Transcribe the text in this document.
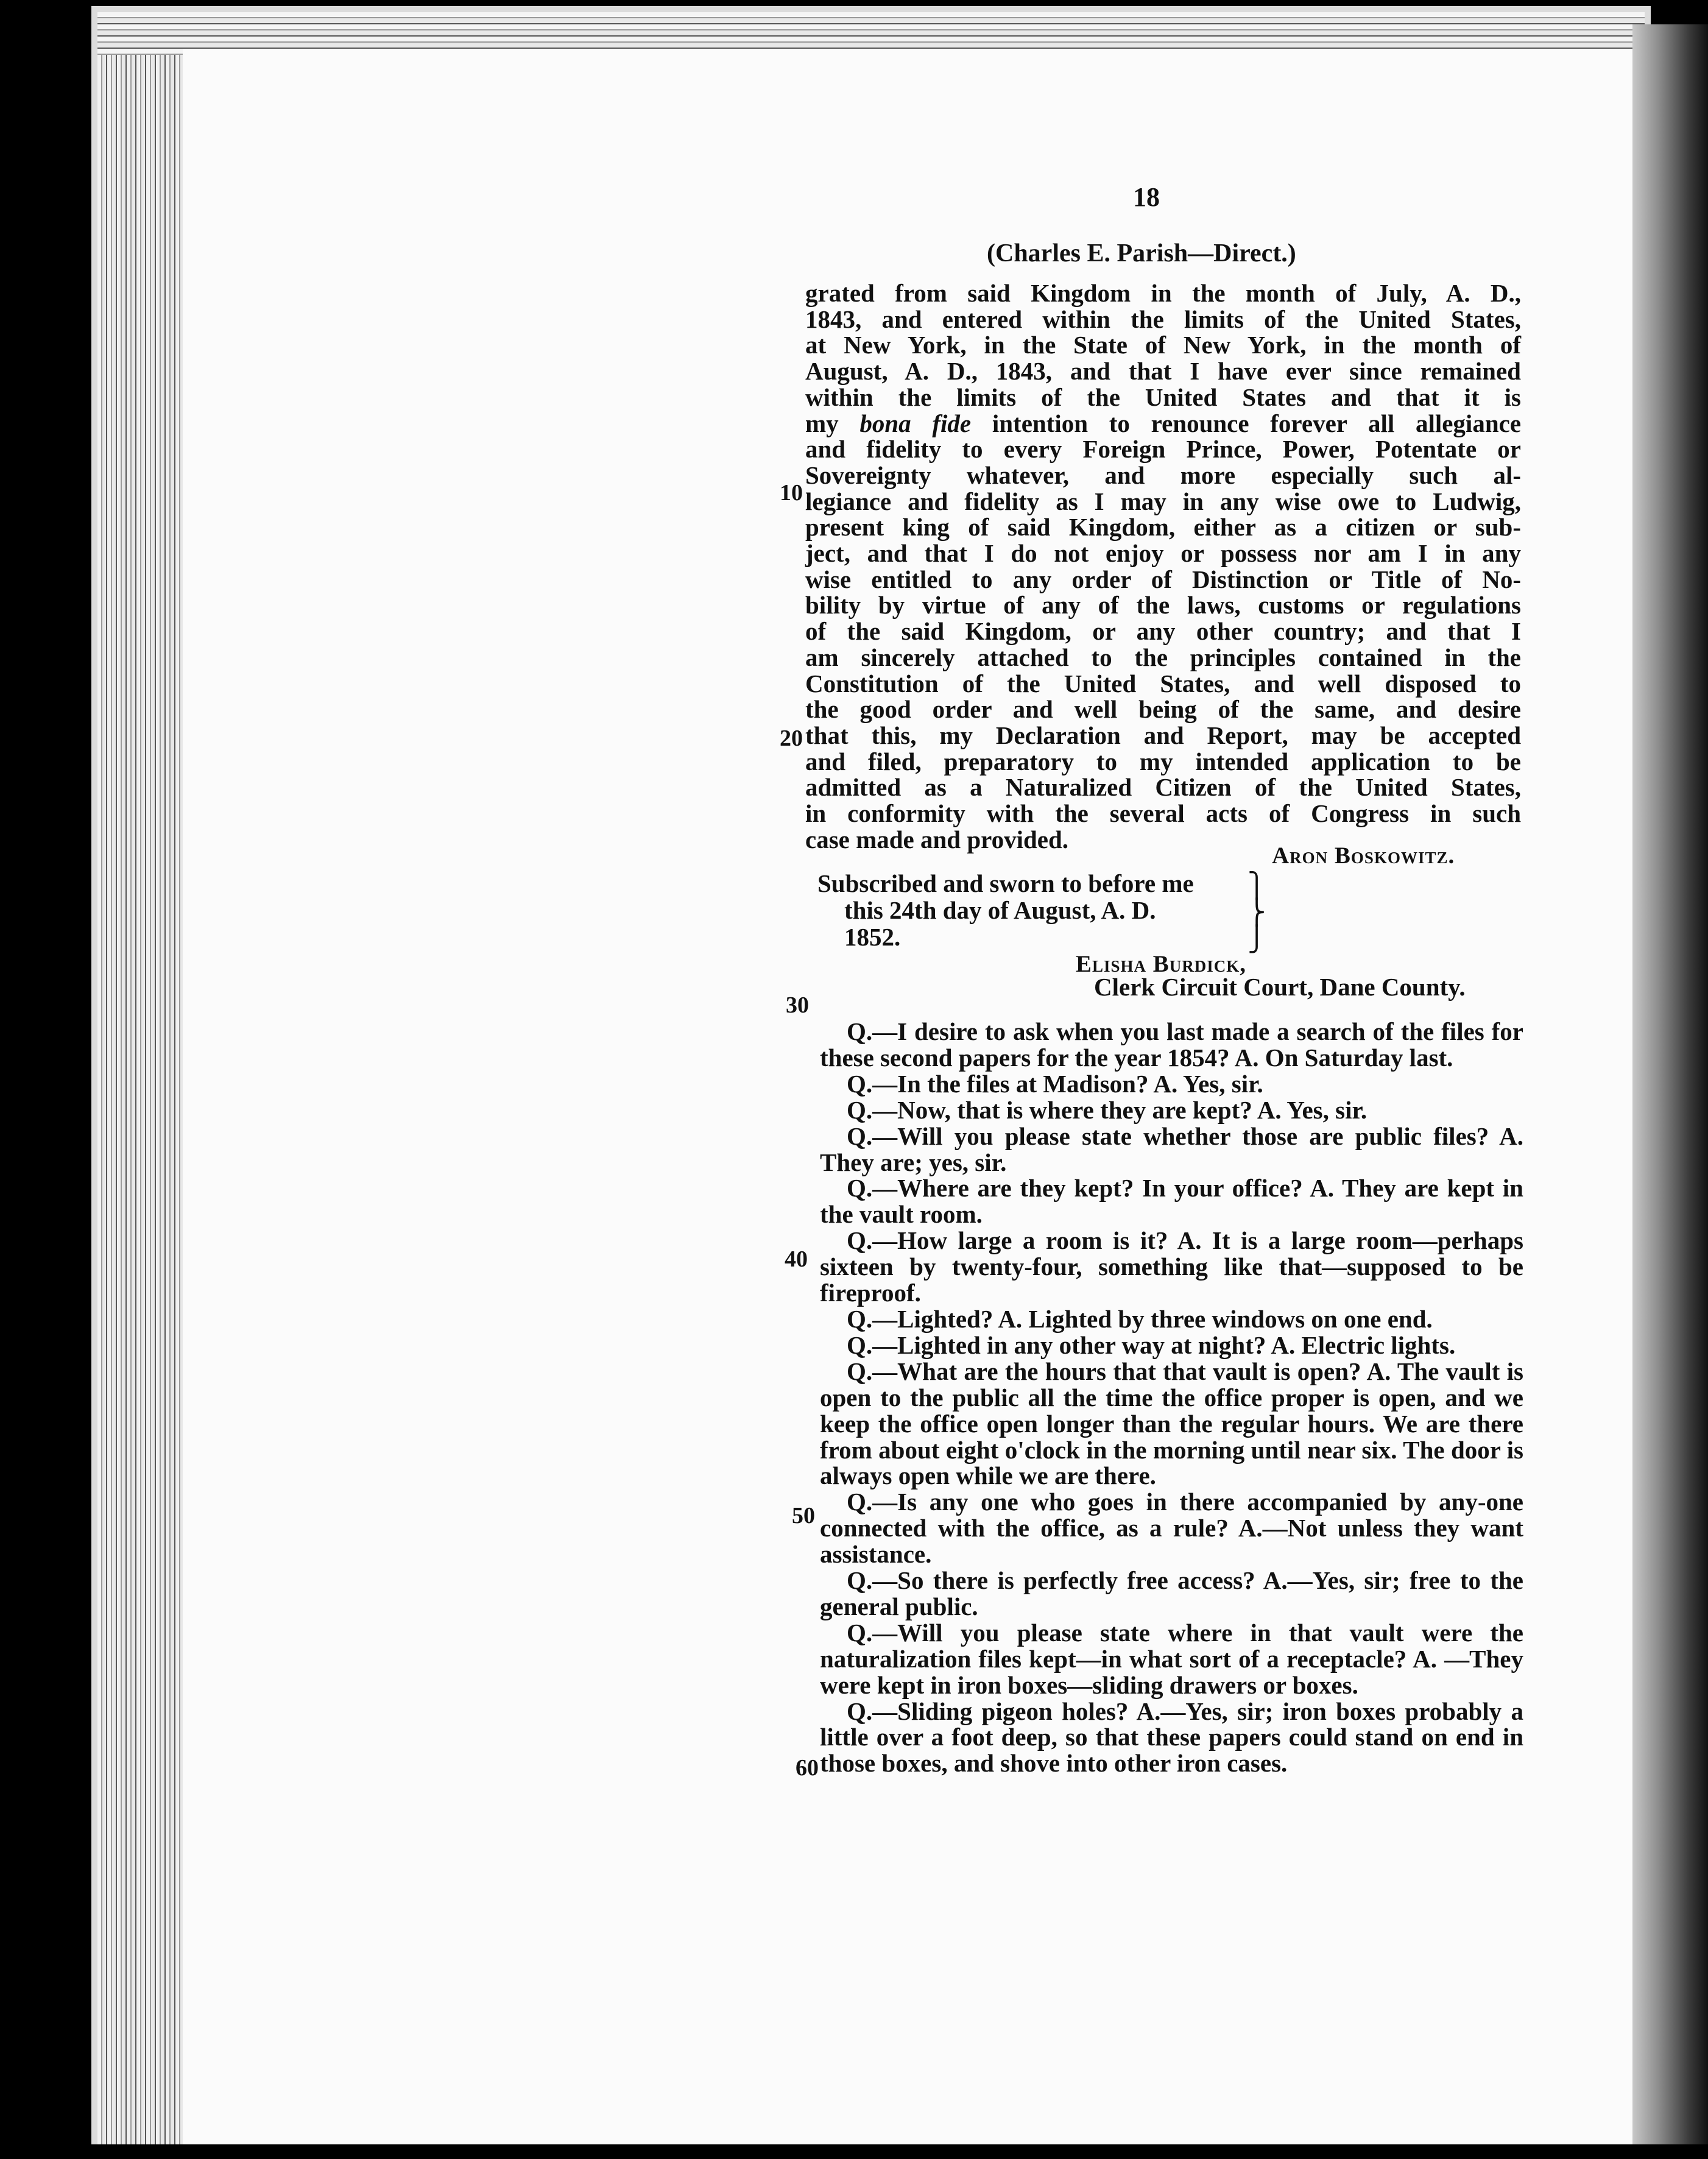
18
(Charles E. Parish—Direct.)
grated from said Kingdom in the month of July, A. D.,
1843, and entered within the limits of the United States,
at New York, in the State of New York, in the month of
August, A. D., 1843, and that I have ever since remained
within the limits of the United States and that it is
my bona fide intention to renounce forever all allegiance
and fidelity to every Foreign Prince, Power, Potentate or
Sovereignty whatever, and more especially such al-
legiance and fidelity as I may in any wise owe to Ludwig,
present king of said Kingdom, either as a citizen or sub-
ject, and that I do not enjoy or possess nor am I in any
wise entitled to any order of Distinction or Title of No-
bility by virtue of any of the laws, customs or regulations
of the said Kingdom, or any other country; and that I
am sincerely attached to the principles contained in the
Constitution of the United States, and well disposed to
the good order and well being of the same, and desire
that this, my Declaration and Report, may be accepted
and filed, preparatory to my intended application to be
admitted as a Naturalized Citizen of the United States,
in conformity with the several acts of Congress in such
case made and provided.
Aron Boskowitz.
Subscribed and sworn to before me
this 24th day of August, A. D.
1852.
⎫
⎬
⎭
Elisha Burdick,
Clerk Circuit Court, Dane County.

Q.—I desire to ask when you last made a search of the files for these second papers for the year 1854? A. On Saturday last.

Q.—In the files at Madison? A. Yes, sir.

Q.—Now, that is where they are kept? A. Yes, sir.

Q.—Will you please state whether those are public files? A. They are; yes, sir.

Q.—Where are they kept? In your office? A. They are kept in the vault room.

Q.—How large a room is it? A. It is a large room—perhaps sixteen by twenty-four, something like that—supposed to be fireproof.

Q.—Lighted? A. Lighted by three windows on one end.

Q.—Lighted in any other way at night? A. Electric lights.

Q.—What are the hours that that vault is open? A. The vault is open to the public all the time the office proper is open, and we keep the office open longer than the regular hours. We are there from about eight o'clock in the morning until near six. The door is always open while we are there.

Q.—Is any one who goes in there accompanied by any-one connected with the office, as a rule? A.—Not unless they want assistance.

Q.—So there is perfectly free access? A.—Yes, sir; free to the general public.

Q.—Will you please state where in that vault were the naturalization files kept—in what sort of a receptacle? A. —They were kept in iron boxes—sliding drawers or boxes.

Q.—Sliding pigeon holes? A.—Yes, sir; iron boxes probably a little over a foot deep, so that these papers could stand on end in those boxes, and shove into other iron cases.

10
20
30
40
50
60
